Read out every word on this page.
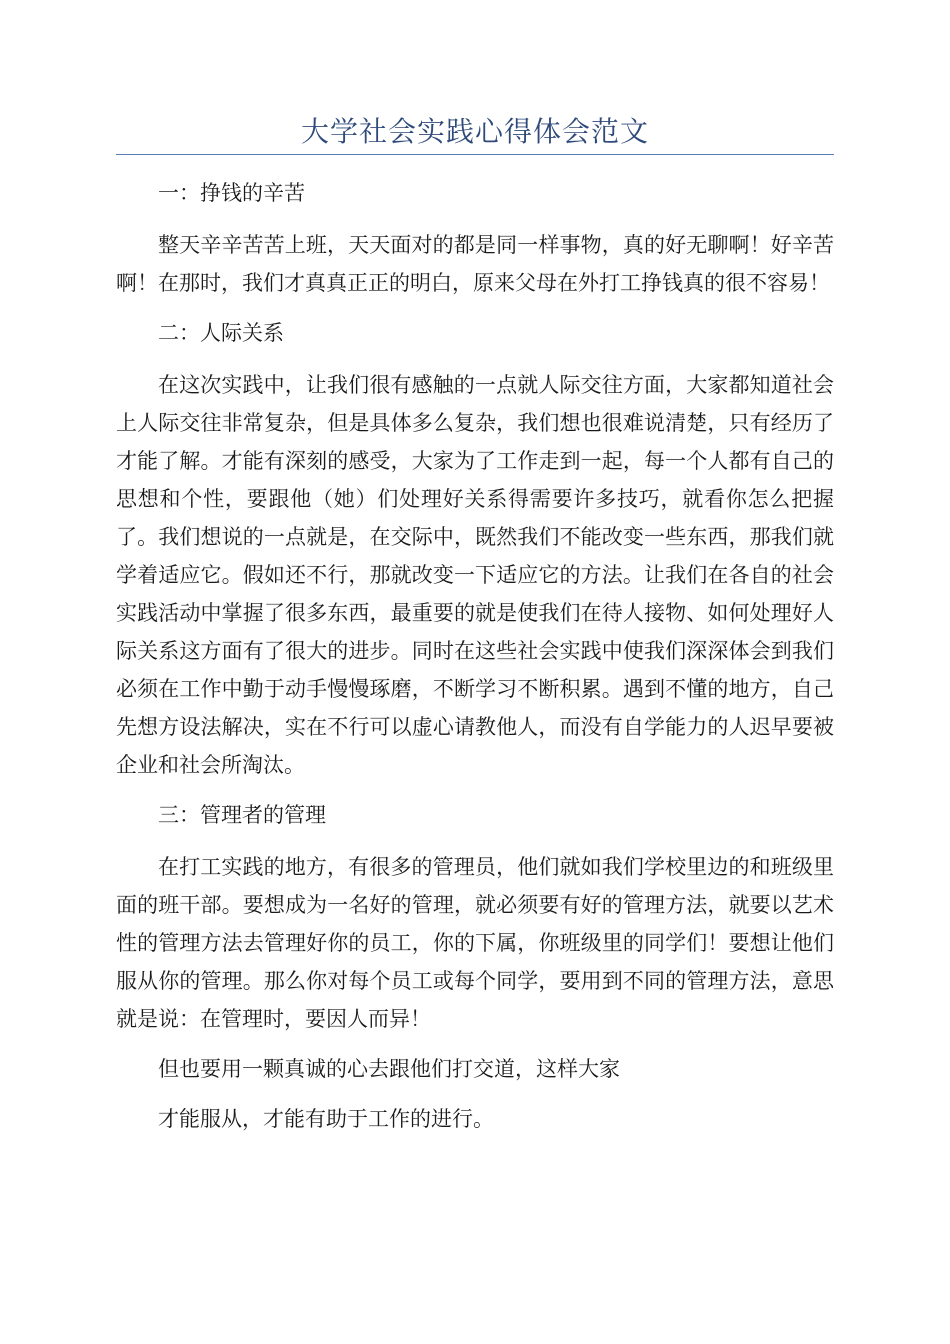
大学社会实践心得体会范文

一：挣钱的辛苦

整天辛辛苦苦上班，天天面对的都是同一样事物，真的好无聊啊！好辛苦啊！在那时，我们才真真正正的明白，原来父母在外打工挣钱真的很不容易！

二：人际关系

在这次实践中，让我们很有感触的一点就人际交往方面，大家都知道社会上人际交往非常复杂，但是具体多么复杂，我们想也很难说清楚，只有经历了才能了解。才能有深刻的感受，大家为了工作走到一起，每一个人都有自己的思想和个性，要跟他（她）们处理好关系得需要许多技巧，就看你怎么把握了。我们想说的一点就是，在交际中，既然我们不能改变一些东西，那我们就学着适应它。假如还不行，那就改变一下适应它的方法。让我们在各自的社会实践活动中掌握了很多东西，最重要的就是使我们在待人接物、如何处理好人际关系这方面有了很大的进步。同时在这些社会实践中使我们深深体会到我们必须在工作中勤于动手慢慢琢磨，不断学习不断积累。遇到不懂的地方，自己先想方设法解决，实在不行可以虚心请教他人，而没有自学能力的人迟早要被企业和社会所淘汰。

三：管理者的管理

在打工实践的地方，有很多的管理员，他们就如我们学校里边的和班级里面的班干部。要想成为一名好的管理，就必须要有好的管理方法，就要以艺术性的管理方法去管理好你的员工，你的下属，你班级里的同学们！要想让他们服从你的管理。那么你对每个员工或每个同学，要用到不同的管理方法，意思就是说：在管理时，要因人而异！

但也要用一颗真诚的心去跟他们打交道，这样大家

才能服从，才能有助于工作的进行。
